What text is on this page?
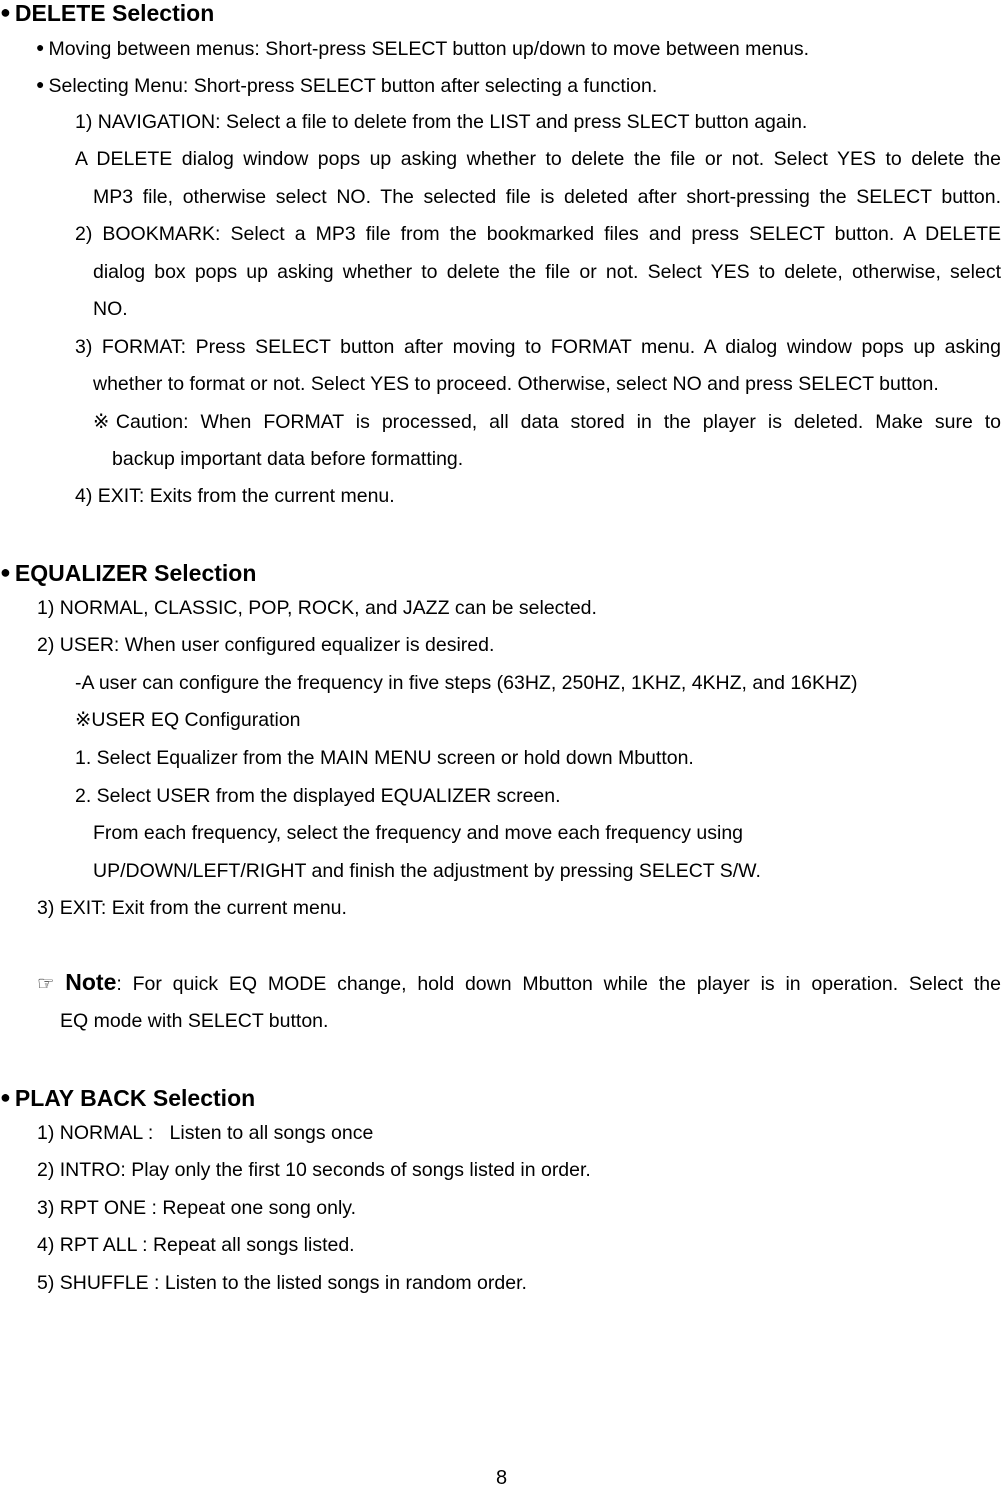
● DELETE Selection
● Moving between menus: Short-press SELECT button up/down to move between menus.
● Selecting Menu: Short-press SELECT button after selecting a function.
1) NAVIGATION: Select a file to delete from the LIST and press SLECT button again.
A DELETE dialog window pops up asking whether to delete the file or not. Select YES to delete the
MP3 file, otherwise select NO. The selected file is deleted after short-pressing the SELECT button.
2) BOOKMARK: Select a MP3 file from the bookmarked files and press SELECT button. A DELETE
dialog box pops up asking whether to delete the file or not. Select YES to delete, otherwise, select
NO.
3) FORMAT: Press SELECT button after moving to FORMAT menu. A dialog window pops up asking
whether to format or not. Select YES to proceed. Otherwise, select NO and press SELECT button.
※Caution: When FORMAT is processed, all data stored in the player is deleted. Make sure to
backup important data before formatting.
4) EXIT: Exits from the current menu.
● EQUALIZER Selection
1) NORMAL, CLASSIC, POP, ROCK, and JAZZ can be selected.
2) USER: When user configured equalizer is desired.
-A user can configure the frequency in five steps (63HZ, 250HZ, 1KHZ, 4KHZ, and 16KHZ)
※USER EQ Configuration
1. Select Equalizer from the MAIN MENU screen or hold down Mbutton.
2. Select USER from the displayed EQUALIZER screen.
From each frequency, select the frequency and move each frequency using
UP/DOWN/LEFT/RIGHT and finish the adjustment by pressing SELECT S/W.
3) EXIT: Exit from the current menu.
☞ Note: For quick EQ MODE change, hold down Mbutton while the player is in operation. Select the
EQ mode with SELECT button.
● PLAY BACK Selection
1) NORMAL :   Listen to all songs once
2) INTRO: Play only the first 10 seconds of songs listed in order.
3) RPT ONE : Repeat one song only.
4) RPT ALL : Repeat all songs listed.
5) SHUFFLE : Listen to the listed songs in random order.
8
